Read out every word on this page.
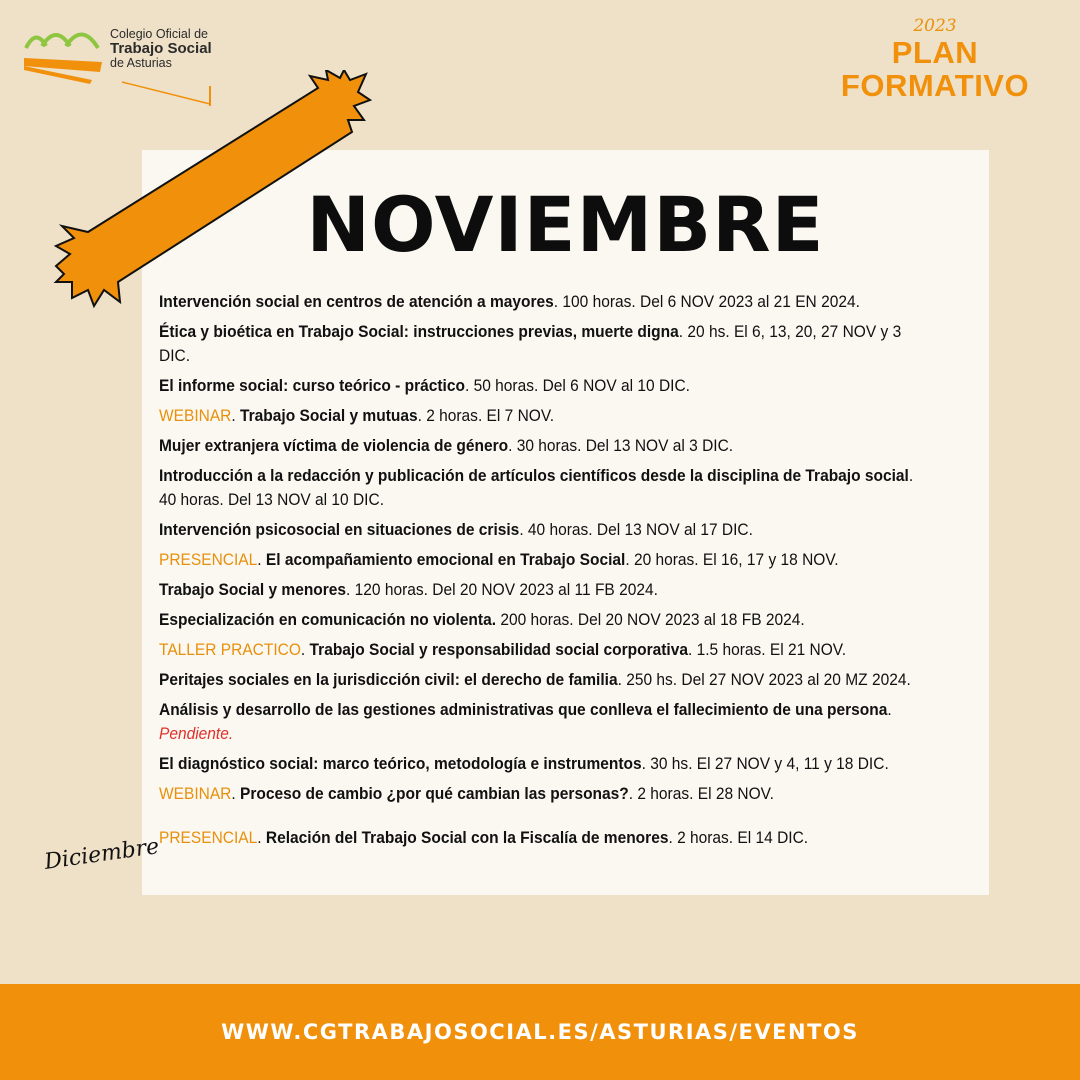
Colegio Oficial de
Trabajo Social
de Asturias
2023
PLAN
FORMATIVO
NOVIEMBRE
Intervención social en centros de atención a mayores. 100 horas. Del 6 NOV 2023 al 21 EN 2024.
Ética y bioética en Trabajo Social: instrucciones previas, muerte digna. 20 hs. El 6, 13, 20, 27 NOV y 3 DIC.
El informe social: curso teórico - práctico. 50 horas. Del 6 NOV al 10 DIC.
WEBINAR. Trabajo Social y mutuas. 2 horas. El 7 NOV.
Mujer extranjera víctima de violencia de género. 30 horas. Del 13 NOV al 3 DIC.
Introducción a la redacción y publicación de artículos científicos desde la disciplina de Trabajo social. 40 horas. Del 13 NOV al 10 DIC.
Intervención psicosocial en situaciones de crisis. 40 horas. Del 13 NOV al 17 DIC.
PRESENCIAL. El acompañamiento emocional en Trabajo Social. 20 horas. El 16, 17 y 18 NOV.
Trabajo Social y menores. 120 horas. Del 20 NOV 2023 al 11 FB 2024.
Especialización en comunicación no violenta. 200 horas. Del 20 NOV 2023 al 18 FB 2024.
TALLER PRACTICO. Trabajo Social y responsabilidad social corporativa. 1.5 horas. El 21 NOV.
Peritajes sociales en la jurisdicción civil: el derecho de familia. 250 hs. Del 27 NOV 2023 al 20 MZ 2024.
Análisis y desarrollo de las gestiones administrativas que conlleva el fallecimiento de una persona.
Pendiente.
El diagnóstico social: marco teórico, metodología e instrumentos. 30 hs. El 27 NOV y 4, 11 y 18 DIC.
WEBINAR. Proceso de cambio ¿por qué cambian las personas?. 2 horas. El 28 NOV.
PRESENCIAL. Relación del Trabajo Social con la Fiscalía de menores. 2 horas. El 14 DIC.
Diciembre
WWW.CGTRABAJOSOCIAL.ES/ASTURIAS/EVENTOS
